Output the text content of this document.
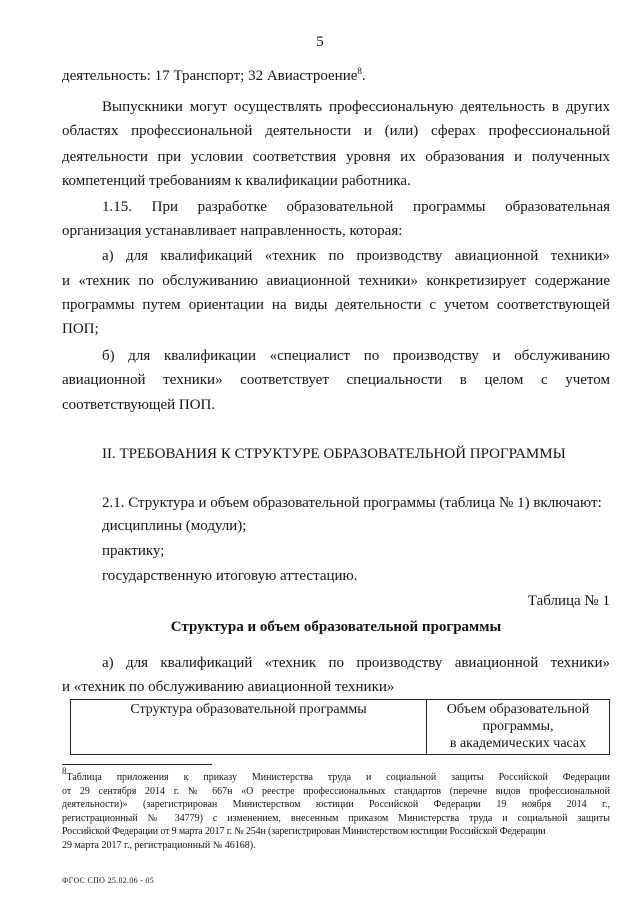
5
деятельность: 17 Транспорт; 32 Авиастроение$^8$.
Выпускники могут осуществлять профессиональную деятельность в других
областях профессиональной деятельности и (или) сферах профессиональной
деятельности при условии соответствия уровня их образования и полученных
компетенций требованиям к квалификации работника.
1.15. При разработке образовательной программы образовательная
организация устанавливает направленность, которая:
а) для квалификаций «техник по производству авиационной техники»
и «техник по обслуживанию авиационной техники» конкретизирует содержание
программы путем ориентации на виды деятельности с учетом соответствующей
ПОП;
б) для квалификации «специалист по производству и обслуживанию
авиационной техники» соответствует специальности в целом с учетом
соответствующей ПОП.
II. ТРЕБОВАНИЯ К СТРУКТУРЕ ОБРАЗОВАТЕЛЬНОЙ ПРОГРАММЫ
2.1. Структура и объем образовательной программы (таблица № 1) включают:
дисциплины (модули);
практику;
государственную итоговую аттестацию.
Таблица № 1
Структура и объем образовательной программы
а) для квалификаций «техник по производству авиационной техники»
и «техник по обслуживанию авиационной техники»
Структура образовательной программы	Объем образовательной
программы,
в академических часах
$^8$Таблица приложения к приказу Министерства труда и социальной защиты Российской Федерации
от 29 сентября 2014 г. № 667н «О реестре профессиональных стандартов (перечне видов профессиональной
деятельности)» (зарегистрирован Министерством юстиции Российской Федерации 19 ноября 2014 г.,
регистрационный № 34779) с изменением, внесенным приказом Министерства труда и социальной защиты
Российской Федерации от 9 марта 2017 г. № 254н (зарегистрирован Министерством юстиции Российской Федерации
29 марта 2017 г., регистрационный № 46168).
ФГОС СПО 25.02.06 - 05
